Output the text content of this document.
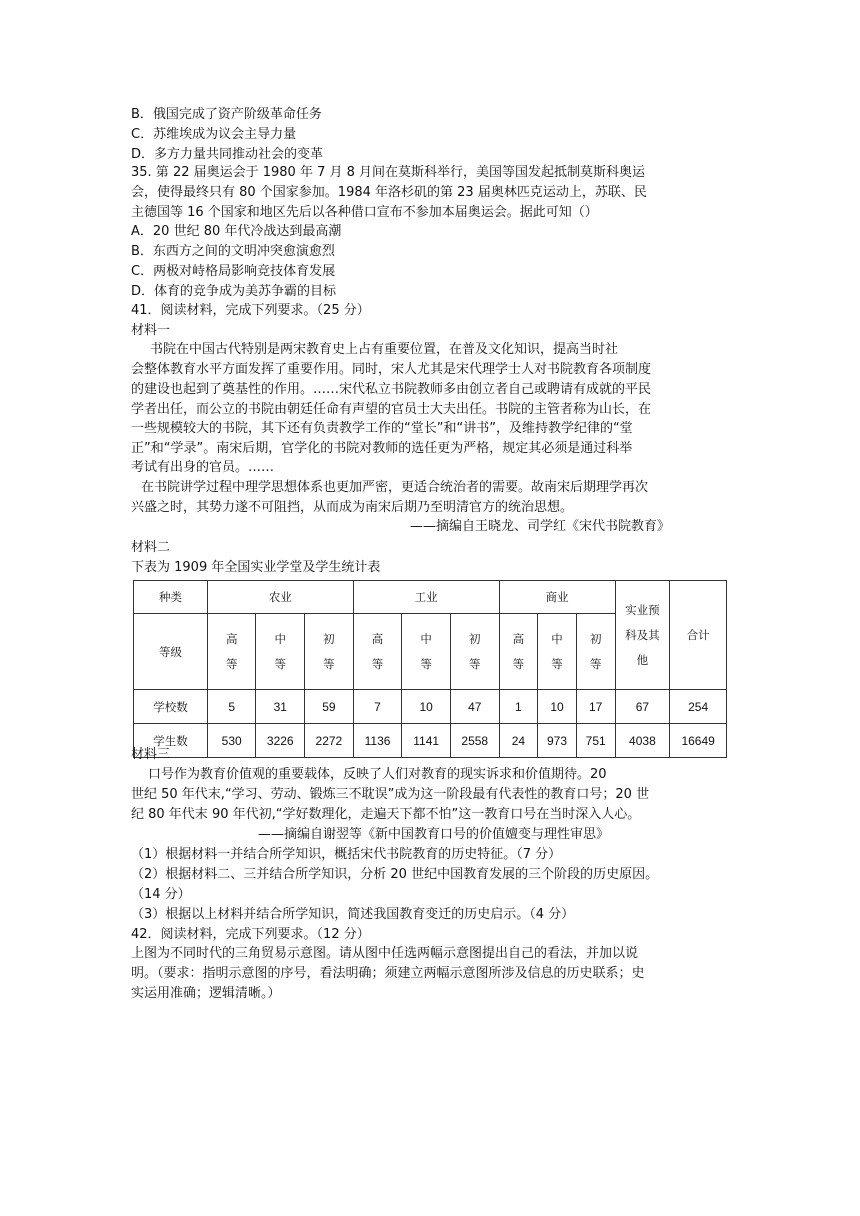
B．俄国完成了资产阶级革命任务
C．苏维埃成为议会主导力量
D．多方力量共同推动社会的变革
35. 第 22 届奥运会于 1980 年 7 月 8 月间在莫斯科举行，美国等国发起抵制莫斯科奥运
会，使得最终只有 80 个国家参加。1984 年洛杉矶的第 23 届奥林匹克运动上，苏联、民
主德国等 16 个国家和地区先后以各种借口宣布不参加本届奥运会。据此可知（）
A．20 世纪 80 年代冷战达到最高潮
B．东西方之间的文明冲突愈演愈烈
C．两极对峙格局影响竞技体育发展
D．体育的竞争成为美苏争霸的目标
41．阅读材料，完成下列要求。（25 分）
材料一
书院在中国古代特别是两宋教育史上占有重要位置，在普及文化知识，提高当时社
会整体教育水平方面发挥了重要作用。同时，宋人尤其是宋代理学士人对书院教育各项制度
的建设也起到了奠基性的作用。……宋代私立书院教师多由创立者自己或聘请有成就的平民
学者出任，而公立的书院由朝廷任命有声望的官员士大夫出任。书院的主管者称为山长，在
一些规模较大的书院，其下还有负责教学工作的“堂长”和“讲书”，及维持教学纪律的“堂
正”和“学录”。南宋后期，官学化的书院对教师的选任更为严格，规定其必须是通过科举
考试有出身的官员。……
在书院讲学过程中理学思想体系也更加严密，更适合统治者的需要。故南宋后期理学再次
兴盛之时，其势力遂不可阻挡，从而成为南宋后期乃至明清官方的统治思想。
——摘编自王晓龙、司学红《宋代书院教育》
材料二
下表为 1909 年全国实业学堂及学生统计表
种类	农业			工业			商业			实业预科及其他	合计
等级	高等	中等	初等	高等	中等	初等	高等	中等	初等		

学校数	5	31	59	7	10	47	1	10	17	67	254
学生数	530	3226	2272	1136	1141	2558	24	973	751	4038	16649
材料三
口号作为教育价值观的重要载体，反映了人们对教育的现实诉求和价值期待。20
世纪 50 年代末,“学习、劳动、锻炼三不耽误”成为这一阶段最有代表性的教育口号；20 世
纪 80 年代末 90 年代初,“学好数理化，走遍天下都不怕”这一教育口号在当时深入人心。
——摘编自谢翌等《新中国教育口号的价值嬗变与理性审思》
（1）根据材料一并结合所学知识，概括宋代书院教育的历史特征。（7 分）
（2）根据材料二、三并结合所学知识，分析 20 世纪中国教育发展的三个阶段的历史原因。
（14 分）
（3）根据以上材料并结合所学知识，简述我国教育变迁的历史启示。（4 分）
42．阅读材料，完成下列要求。（12 分）
上图为不同时代的三角贸易示意图。请从图中任选两幅示意图提出自己的看法，并加以说
明。（要求：指明示意图的序号，看法明确；须建立两幅示意图所涉及信息的历史联系；史
实运用准确；逻辑清晰。）
